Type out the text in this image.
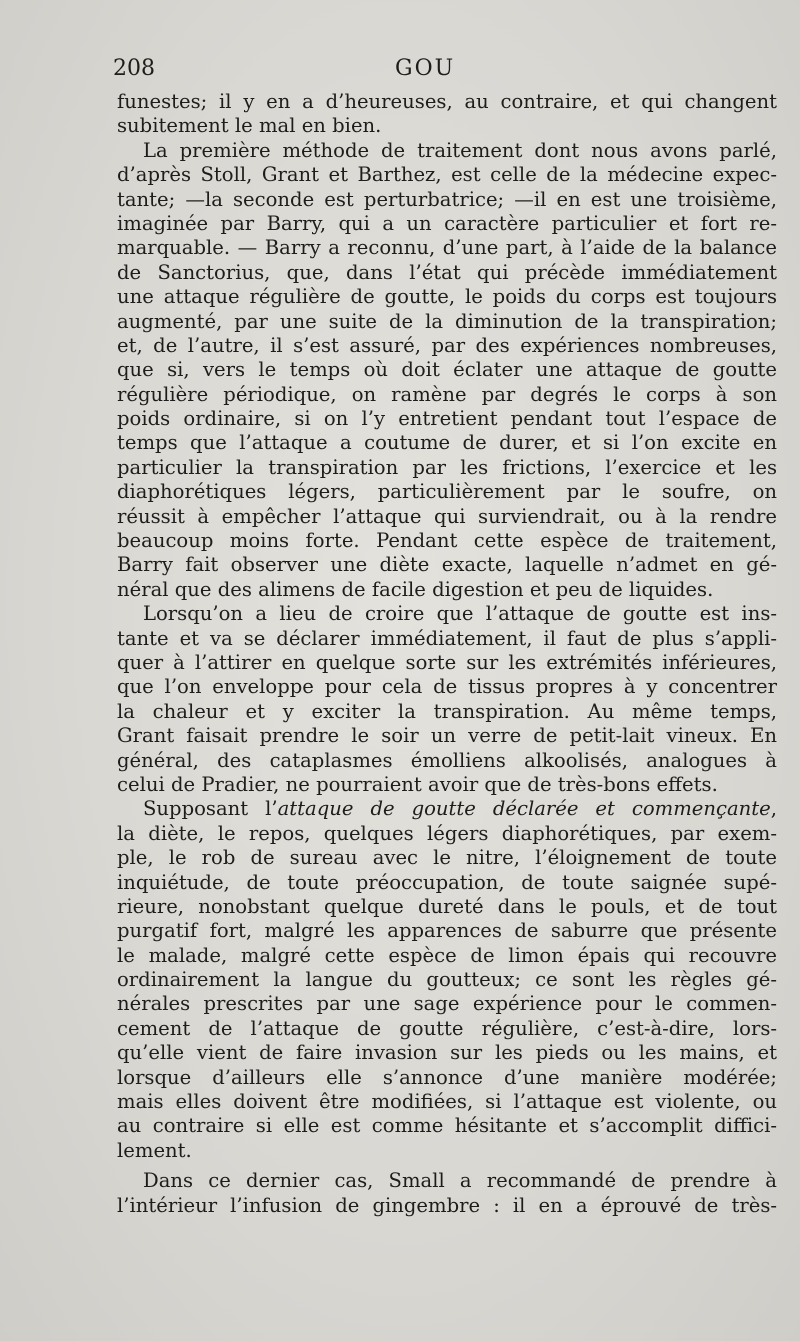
208	GOU
funestes; il y en a d’heureuses, au contraire, et qui changent
subitement le mal en bien.
La première méthode de traitement dont nous avons parlé,
d’après Stoll, Grant et Barthez, est celle de la médecine expec-
tante; —la seconde est perturbatrice; —il en est une troisième,
imaginée par Barry, qui a un caractère particulier et fort re-
marquable. — Barry a reconnu, d’une part, à l’aide de la balance
de Sanctorius, que, dans l’état qui précède immédiatement
une attaque régulière de goutte, le poids du corps est toujours
augmenté, par une suite de la diminution de la transpiration;
et, de l’autre, il s’est assuré, par des expériences nombreuses,
que si, vers le temps où doit éclater une attaque de goutte
régulière périodique, on ramène par degrés le corps à son
poids ordinaire, si on l’y entretient pendant tout l’espace de
temps que l’attaque a coutume de durer, et si l’on excite en
particulier la transpiration par les frictions, l’exercice et les
diaphorétiques légers, particulièrement par le soufre, on
réussit à empêcher l’attaque qui surviendrait, ou à la rendre
beaucoup moins forte. Pendant cette espèce de traitement,
Barry fait observer une diète exacte, laquelle n’admet en gé-
néral que des alimens de facile digestion et peu de liquides.
Lorsqu’on a lieu de croire que l’attaque de goutte est ins-
tante et va se déclarer immédiatement, il faut de plus s’appli-
quer à l’attirer en quelque sorte sur les extrémités inférieures,
que l’on enveloppe pour cela de tissus propres à y concentrer
la chaleur et y exciter la transpiration. Au même temps,
Grant faisait prendre le soir un verre de petit-lait vineux. En
général, des cataplasmes émolliens alkoolisés, analogues à
celui de Pradier, ne pourraient avoir que de très-bons effets.
Supposant l’attaque de goutte déclarée et commençante,
la diète, le repos, quelques légers diaphorétiques, par exem-
ple, le rob de sureau avec le nitre, l’éloignement de toute
inquiétude, de toute préoccupation, de toute saignée supé-
rieure, nonobstant quelque dureté dans le pouls, et de tout
purgatif fort, malgré les apparences de saburre que présente
le malade, malgré cette espèce de limon épais qui recouvre
ordinairement la langue du goutteux; ce sont les règles gé-
nérales prescrites par une sage expérience pour le commen-
cement de l’attaque de goutte régulière, c’est-à-dire, lors-
qu’elle vient de faire invasion sur les pieds ou les mains, et
lorsque d’ailleurs elle s’annonce d’une manière modérée;
mais elles doivent être modifiées, si l’attaque est violente, ou
au contraire si elle est comme hésitante et s’accomplit diffici-
lement.
Dans ce dernier cas, Small a recommandé de prendre à
l’intérieur l’infusion de gingembre : il en a éprouvé de très-
